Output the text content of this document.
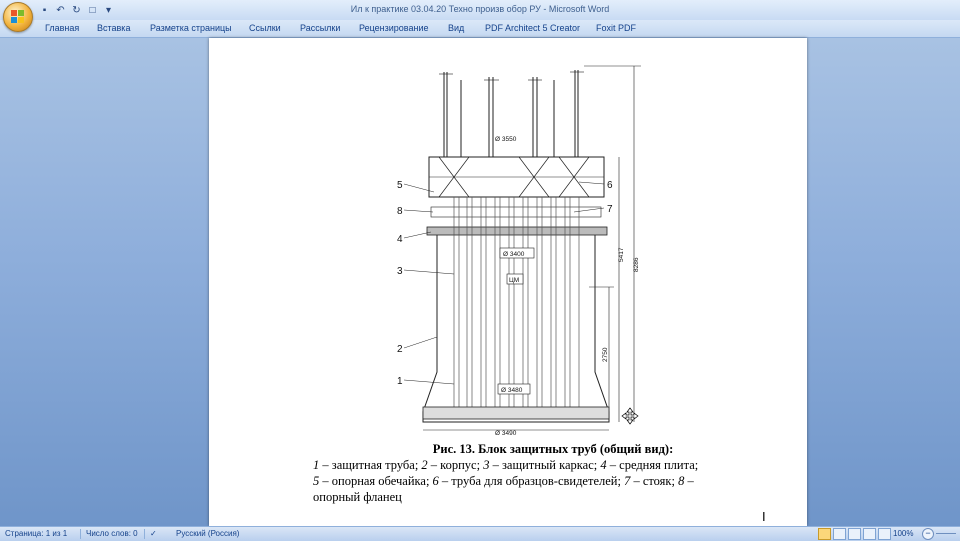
▪	↶ ↻ □	▾	Ил к практике 03.04.20 Техно произв обор РУ - Microsoft Word
Главная Вставка Разметка страницы Ссылки Рассылки Рецензирование Вид PDF Architect 5 Creator Foxit PDF
Ø 3550
Ø 3400
ЦМ
Ø 3480
Ø 3490
5417
8286
2750
5
8
4
3
2
1
6
7
Рис. 13. Блок защитных труб (общий вид):
1 – защитная труба; 2 – корпус; 3 – защитный каркас; 4 – средняя плита;
5 – опорная обечайка; 6 – труба для образцов-свидетелей; 7 – стояк; 8 –
опорный фланец
I
Страница: 1 из 1 Число слов: 0 ✓ Русский (Россия)	100%	−
